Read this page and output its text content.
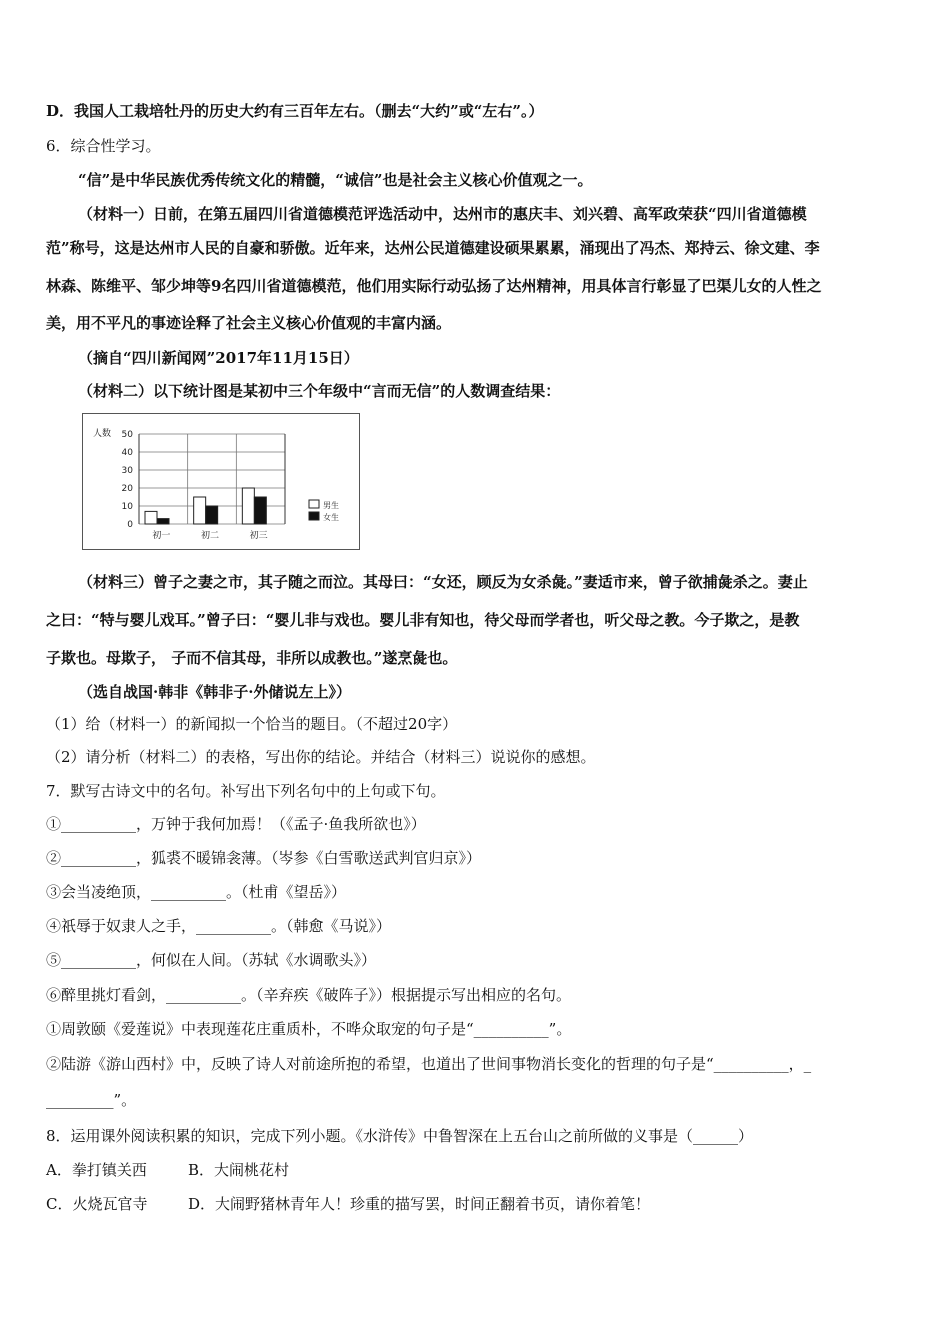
D．我国人工栽培牡丹的历史大约有三百年左右。（删去“大约”或“左右”。）
6．综合性学习。
“信”是中华民族优秀传统文化的精髓，“诚信”也是社会主义核心价值观之一。
（材料一）日前，在第五届四川省道德模范评选活动中，达州市的惠庆丰、刘兴碧、高军政荣获“四川省道德模
范”称号，这是达州市人民的自豪和骄傲。近年来，达州公民道德建设硕果累累，涌现出了冯杰、郑持云、徐文建、李
林森、陈维平、邹少坤等9名四川省道德模范，他们用实际行动弘扬了达州精神，用具体言行彰显了巴渠儿女的人性之
美，用不平凡的事迹诠释了社会主义核心价值观的丰富内涵。
（摘自“四川新闻网”2017年11月15日）
（材料二）以下统计图是某初中三个年级中“言而无信”的人数调查结果：
人数 50
40
30
20
10
0
初一	初二	初三
男生
女生
（材料三）曾子之妻之市，其子随之而泣。其母曰：“女还，顾反为女杀彘。”妻适市来，曾子欲捕彘杀之。妻止
之曰：“特与婴儿戏耳。”曾子曰：“婴儿非与戏也。婴儿非有知也，待父母而学者也，听父母之教。今子欺之，是教
子欺也。母欺子， 子而不信其母，非所以成教也。”遂烹彘也。
（选自战国·韩非《韩非子·外储说左上》）
（1）给（材料一）的新闻拟一个恰当的题目。（不超过20字）
（2）请分析（材料二）的表格，写出你的结论。并结合（材料三）说说你的感想。
7．默写古诗文中的名句。补写出下列名句中的上句或下句。
①__________，万钟于我何加焉！（《孟子·鱼我所欲也》）
②__________，狐裘不暖锦衾薄。（岑参《白雪歌送武判官归京》）
③会当凌绝顶，__________。（杜甫《望岳》）
④祇辱于奴隶人之手，__________。（韩愈《马说》）
⑤__________，何似在人间。（苏轼《水调歌头》）
⑥醉里挑灯看剑，__________。（辛弃疾《破阵子》）根据提示写出相应的名句。
①周敦颐《爱莲说》中表现莲花庄重质朴，不哗众取宠的句子是“__________”。
②陆游《游山西村》中，反映了诗人对前途所抱的希望，也道出了世间事物消长变化的哲理的句子是“__________，_
_________”。
8．运用课外阅读积累的知识，完成下列小题。《水浒传》中鲁智深在上五台山之前所做的义事是（______）
A．拳打镇关西	B．大闹桃花村
C．火烧瓦官寺	D．大闹野猪林青年人！珍重的描写罢，时间正翻着书页，请你着笔！
